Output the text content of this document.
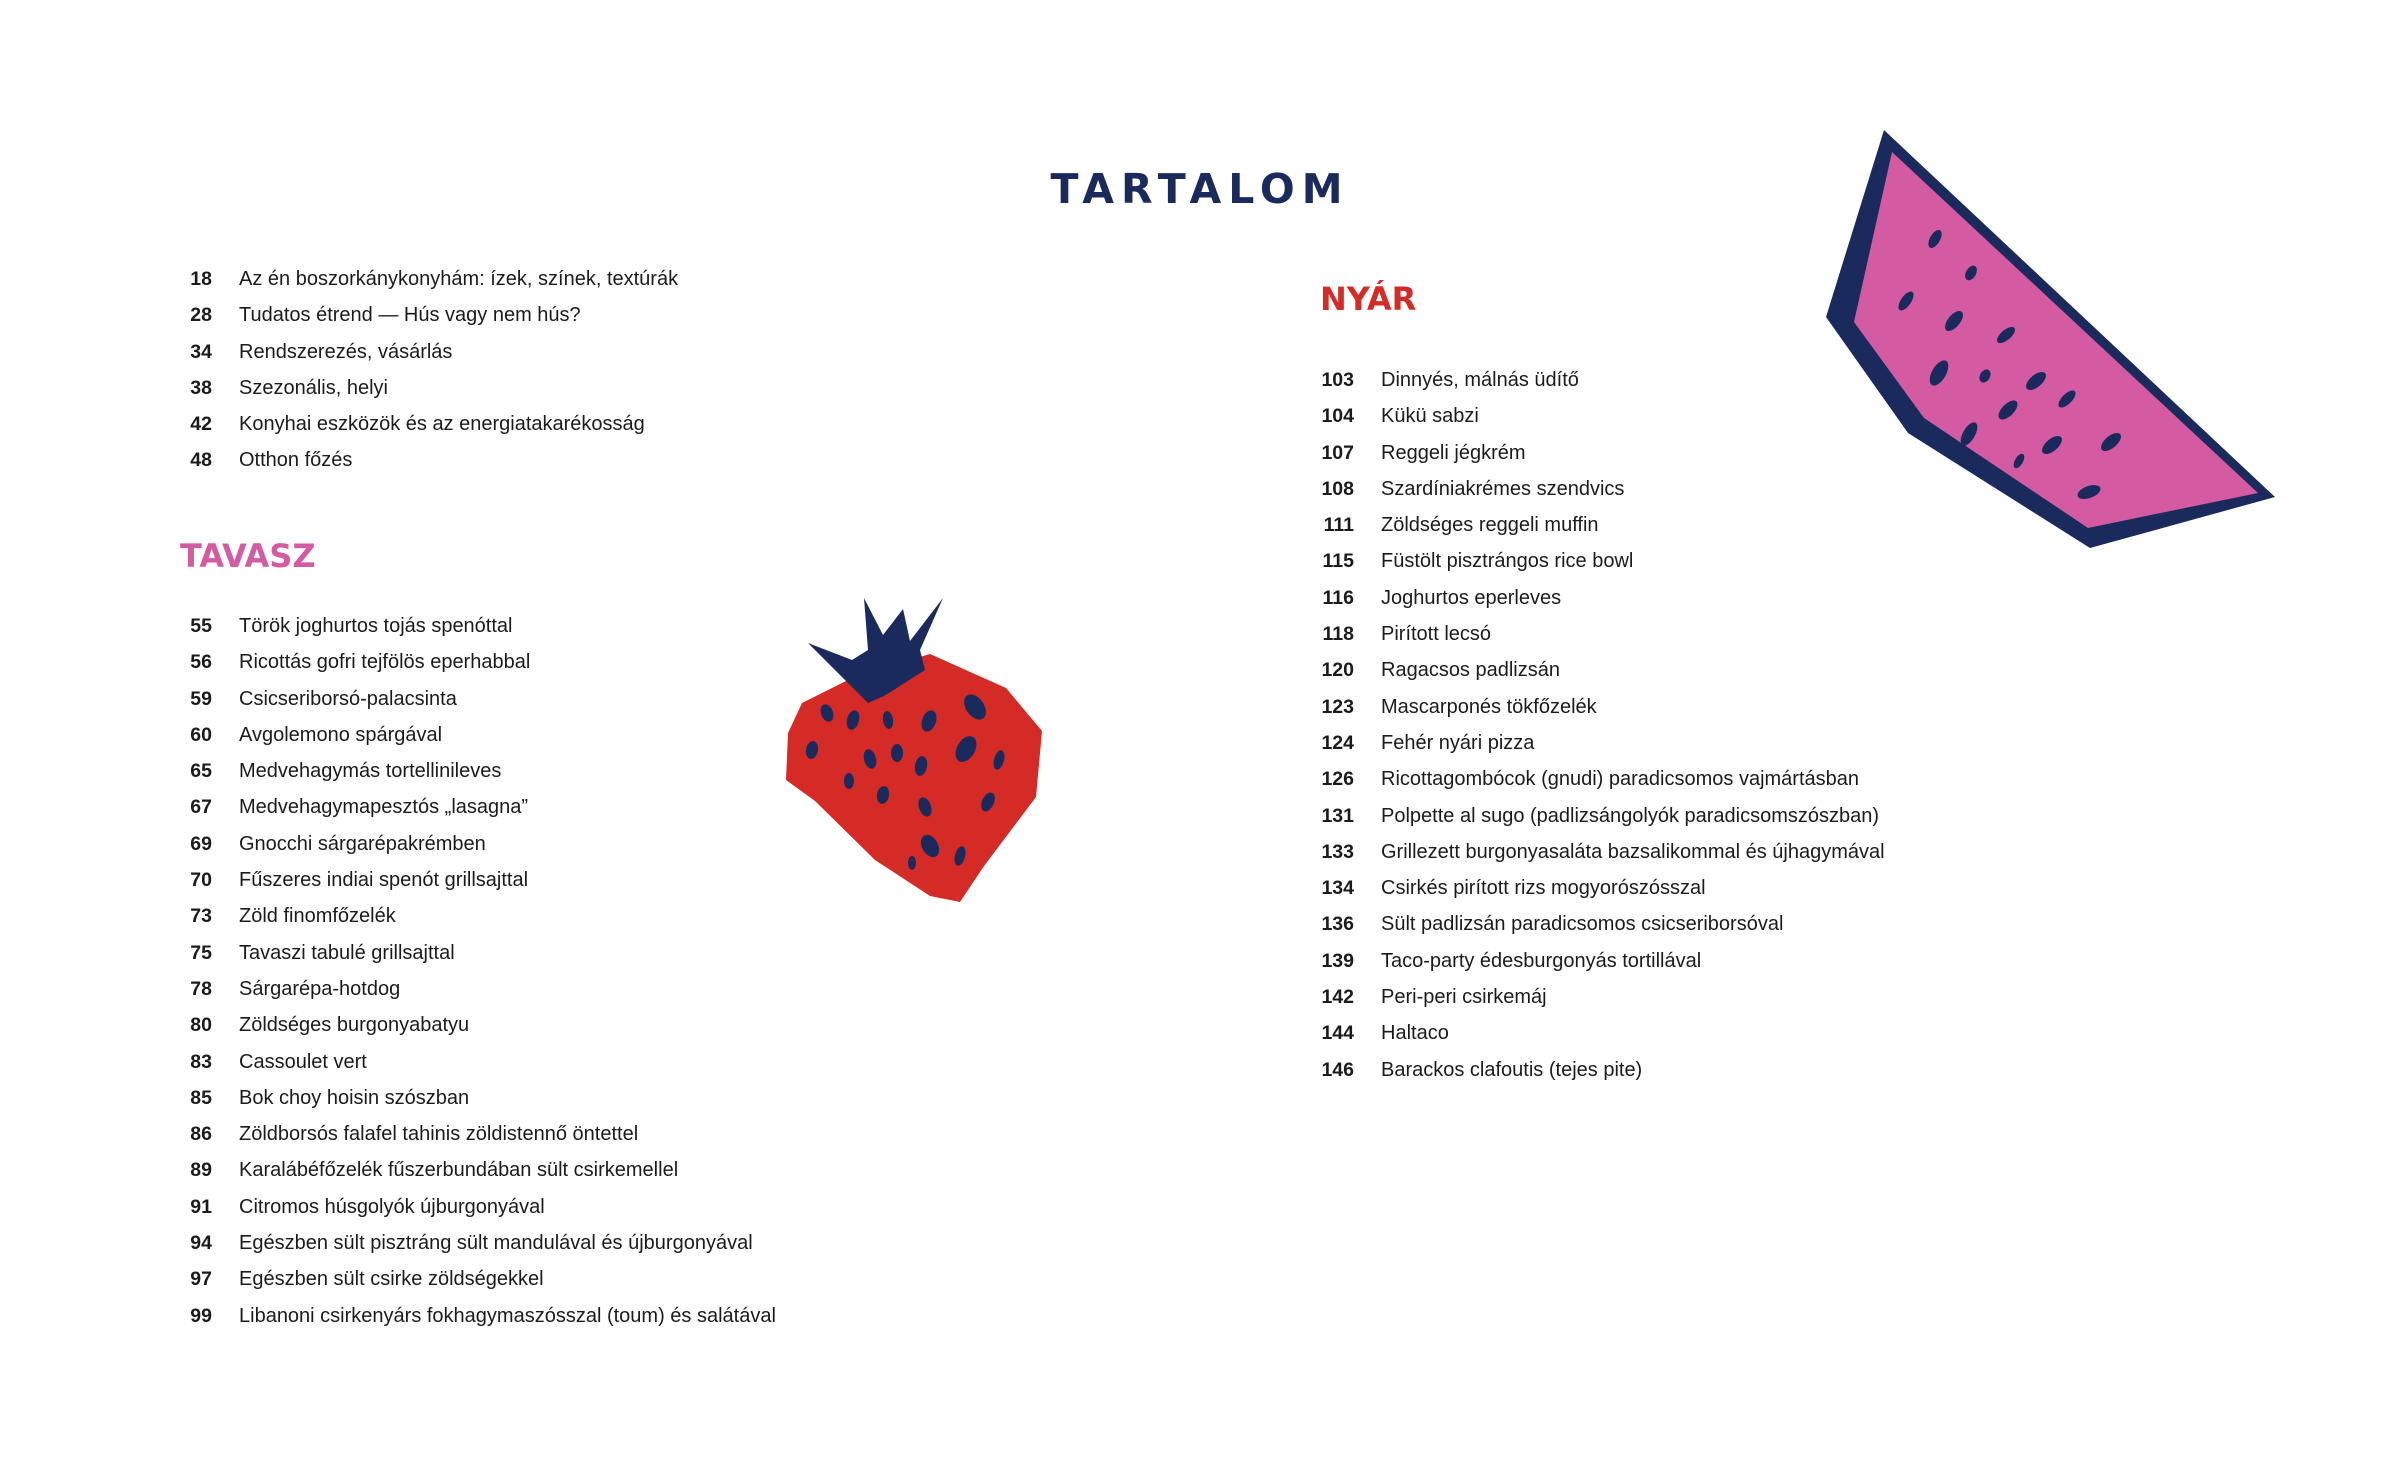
TARTALOM
18 Az én boszorkánykonyhám: ízek, színek, textúrák
28 Tudatos étrend — Hús vagy nem hús?
34 Rendszerezés, vásárlás
38 Szezonális, helyi
42 Konyhai eszközök és az energiatakarékosság
48 Otthon főzés
TAVASZ
55 Török joghurtos tojás spenóttal
56 Ricottás gofri tejfölös eperhabbal
59 Csicseriborsó-palacsinta
60 Avgolemono spárgával
65 Medvehagymás tortellinileves
67 Medvehagymapesztós „lasagna”
69 Gnocchi sárgarépakrémben
70 Fűszeres indiai spenót grillsajttal
73 Zöld finomfőzelék
75 Tavaszi tabulé grillsajttal
78 Sárgarépa-hotdog
80 Zöldséges burgonyabatyu
83 Cassoulet vert
85 Bok choy hoisin szószban
86 Zöldborsós falafel tahinis zöldistennő öntettel
89 Karalábéfőzelék fűszerbundában sült csirkemellel
91 Citromos húsgolyók újburgonyával
94 Egészben sült pisztráng sült mandulával és újburgonyával
97 Egészben sült csirke zöldségekkel
99 Libanoni csirkenyárs fokhagymaszósszal (toum) és salátával
NYÁR
103 Dinnyés, málnás üdítő
104 Kükü sabzi
107 Reggeli jégkrém
108 Szardíniakrémes szendvics
111 Zöldséges reggeli muffin
115 Füstölt pisztrángos rice bowl
116 Joghurtos eperleves
118 Pirított lecsó
120 Ragacsos padlizsán
123 Mascarponés tökfőzelék
124 Fehér nyári pizza
126 Ricottagombócok (gnudi) paradicsomos vajmártásban
131 Polpette al sugo (padlizsángolyók paradicsomszószban)
133 Grillezett burgonyasaláta bazsalikommal és újhagymával
134 Csirkés pirított rizs mogyorószósszal
136 Sült padlizsán paradicsomos csicseriborsóval
139 Taco-party édesburgonyás tortillával
142 Peri-peri csirkemáj
144 Haltaco
146 Barackos clafoutis (tejes pite)
